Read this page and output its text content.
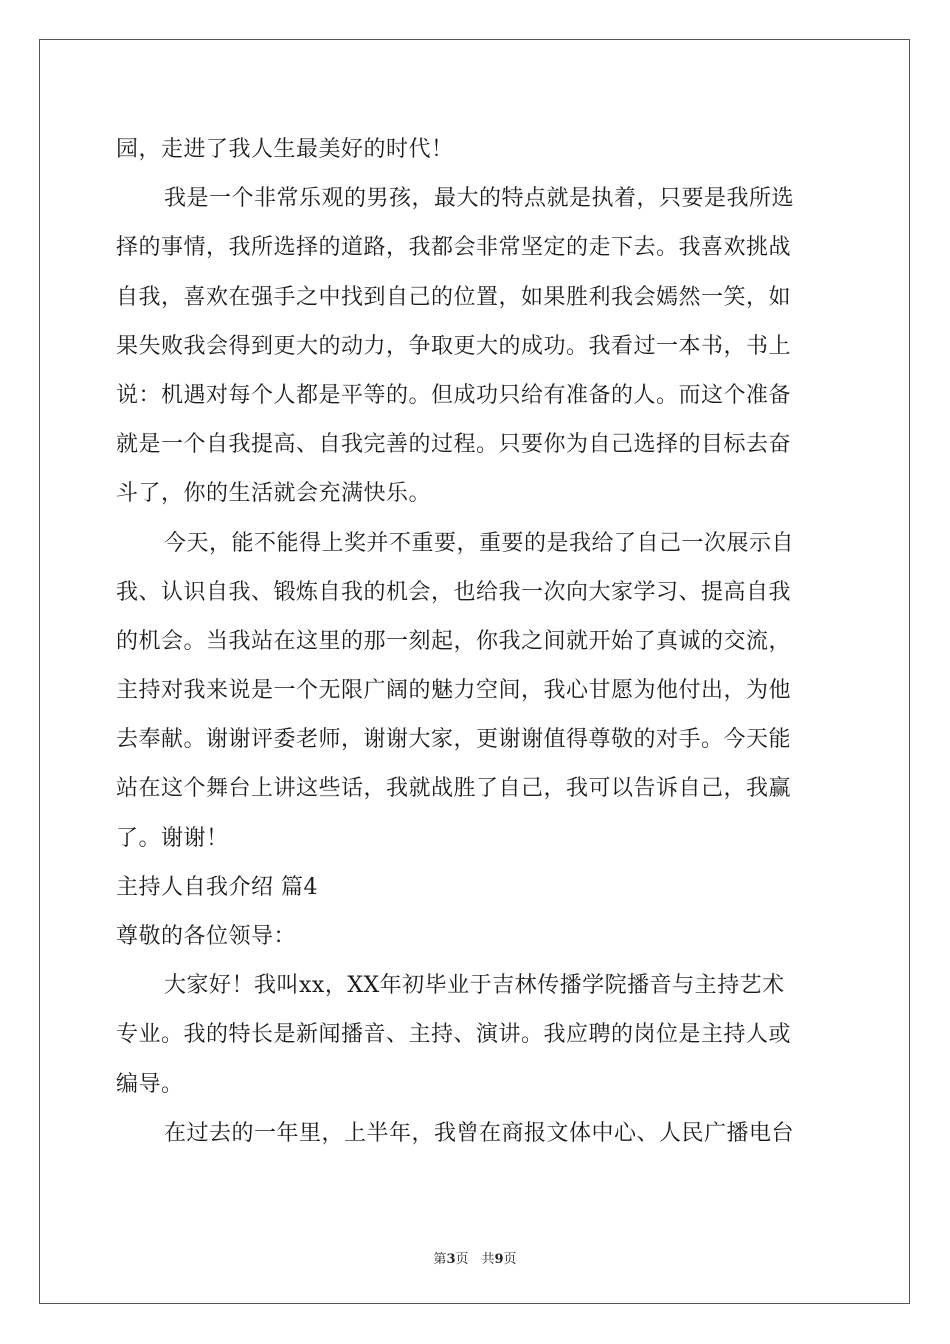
园，走进了我人生最美好的时代！
我是一个非常乐观的男孩，最大的特点就是执着，只要是我所选
择的事情，我所选择的道路，我都会非常坚定的走下去。我喜欢挑战
自我，喜欢在强手之中找到自己的位置，如果胜利我会嫣然一笑，如
果失败我会得到更大的动力，争取更大的成功。我看过一本书，书上
说：机遇对每个人都是平等的。但成功只给有准备的人。而这个准备
就是一个自我提高、自我完善的过程。只要你为自己选择的目标去奋
斗了，你的生活就会充满快乐。
今天，能不能得上奖并不重要，重要的是我给了自己一次展示自
我、认识自我、锻炼自我的机会，也给我一次向大家学习、提高自我
的机会。当我站在这里的那一刻起，你我之间就开始了真诚的交流，
主持对我来说是一个无限广阔的魅力空间，我心甘愿为他付出，为他
去奉献。谢谢评委老师，谢谢大家，更谢谢值得尊敬的对手。今天能
站在这个舞台上讲这些话，我就战胜了自己，我可以告诉自己，我赢
了。谢谢！
主持人自我介绍 篇4
尊敬的各位领导：
大家好！我叫xx，XX年初毕业于吉林传播学院播音与主持艺术
专业。我的特长是新闻播音、主持、演讲。我应聘的岗位是主持人或
编导。
在过去的一年里，上半年，我曾在商报文体中心、人民广播电台
第3页　共9页
